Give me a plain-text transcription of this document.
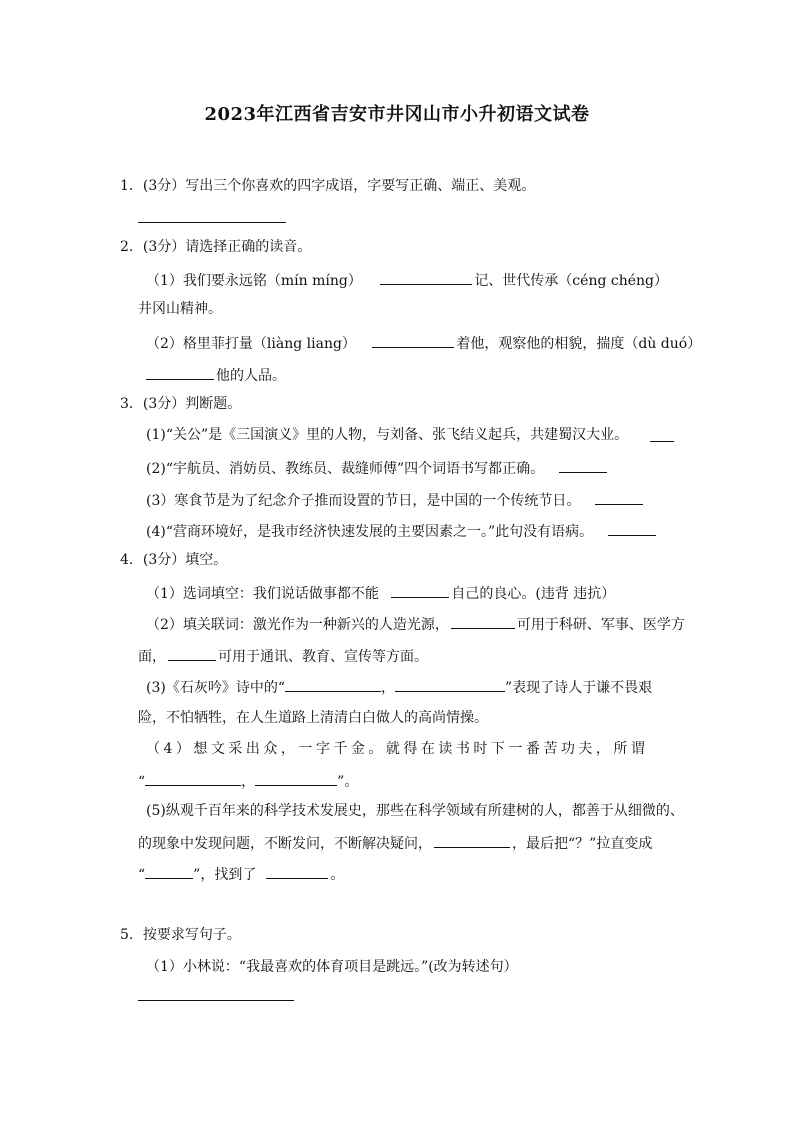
2023年江西省吉安市井冈山市小升初语文试卷
1．(3分）写出三个你喜欢的四字成语，字要写正确、端正、美观。
2．(3分）请选择正确的读音。
（1）我们要永远铭（mín míng）	记、世代传承（céng chéng）
井冈山精神。
（2）格里菲打量（liàng liang）	着他，观察他的相貌，揣度（dù duó）
他的人品。
3．(3分）判断题。
(1)“关公”是《三国演义》里的人物，与刘备、张飞结义起兵，共建蜀汉大业。
(2)“宇航员、消妨员、教练员、裁缝师傅”四个词语书写都正确。
(3）寒食节是为了纪念介子推而设置的节日，是中国的一个传统节日。
(4)“营商环境好，是我市经济快速发展的主要因素之一。”此句没有语病。
4．(3分）填空。
（1）选词填空：我们说话做事都不能	自己的良心。(违背 违抗）
（2）填关联词：激光作为一种新兴的人造光源，	可用于科研、军事、医学方
面，	可用于通讯、教育、宣传等方面。
(3)《石灰吟》诗中的“	，	”表现了诗人于谦不畏艰
险，不怕牺牲，在人生道路上清清白白做人的高尚情操。
（4）想文采出众，一字千金。就得在读书时下一番苦功夫，所谓
“	，	”。
(5)纵观千百年来的科学技术发展史，那些在科学领域有所建树的人，都善于从细微的、
的现象中发现问题，不断发问，不断解决疑问，	，最后把“？”拉直变成
“	”，找到了	。
5．按要求写句子。
（1）小林说：“我最喜欢的体育项目是跳远。”(改为转述句）
